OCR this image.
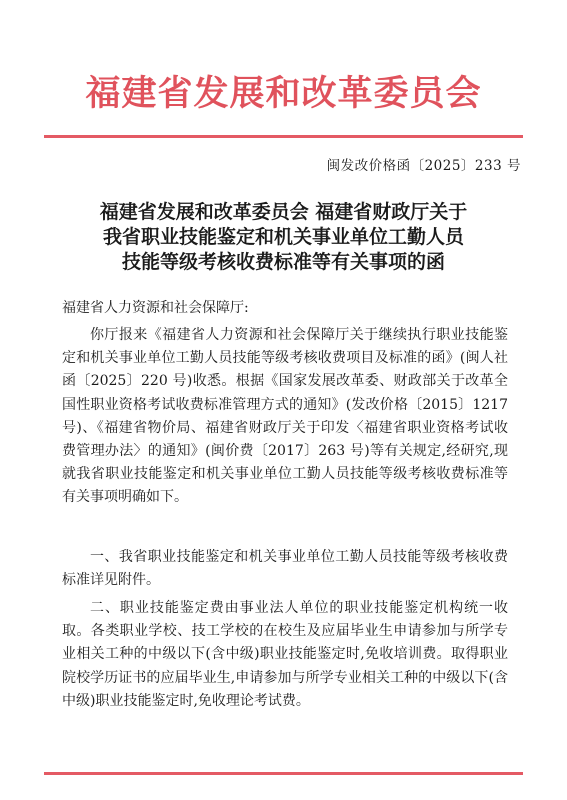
福建省发展和改革委员会
闽发改价格函〔2025〕233 号
福建省发展和改革委员会 福建省财政厅关于
我省职业技能鉴定和机关事业单位工勤人员
技能等级考核收费标准等有关事项的函
福建省人力资源和社会保障厅:

你厅报来《福建省人力资源和社会保障厅关于继续执行职业技能鉴定和机关事业单位工勤人员技能等级考核收费项目及标准的函》(闽人社函〔2025〕220 号)收悉。根据《国家发展改革委、财政部关于改革全国性职业资格考试收费标准管理方式的通知》(发改价格〔2015〕1217 号)、《福建省物价局、福建省财政厅关于印发〈福建省职业资格考试收费管理办法〉的通知》(闽价费〔2017〕263 号)等有关规定,经研究,现就我省职业技能鉴定和机关事业单位工勤人员技能等级考核收费标准等有关事项明确如下。

一、我省职业技能鉴定和机关事业单位工勤人员技能等级考核收费标准详见附件。

二、职业技能鉴定费由事业法人单位的职业技能鉴定机构统一收取。各类职业学校、技工学校的在校生及应届毕业生申请参加与所学专业相关工种的中级以下(含中级)职业技能鉴定时,免收培训费。取得职业院校学历证书的应届毕业生,申请参加与所学专业相关工种的中级以下(含中级)职业技能鉴定时,免收理论考试费。
